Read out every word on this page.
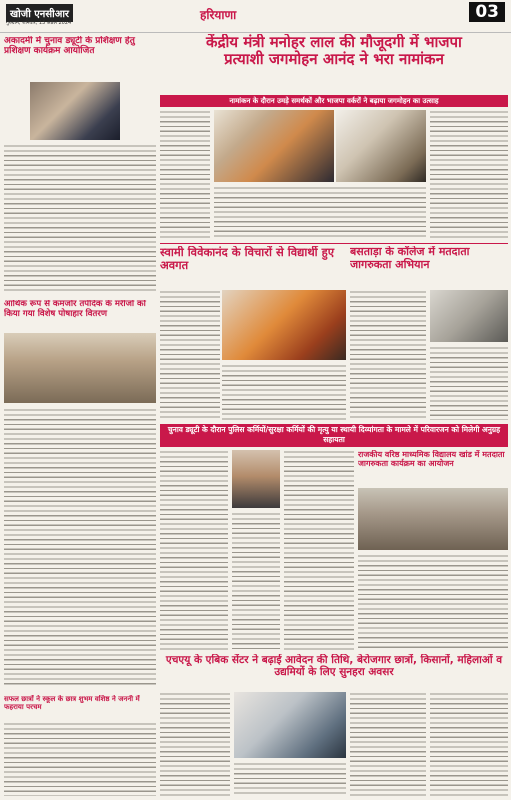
खोजी एनसीआर
गुरुग्राम, शनिवार, 13 अप्रैल 2024
हरियाणा	03
अकादमी में चुनाव ड्यूटी के प्रशिक्षण हेतु प्रशिक्षण कार्यक्रम आयोजित
आर्थिक रूप से कमजोर तपेदिक के मरीजों को किया गया विशेष पोषाहार वितरण
सफल छात्रों ने स्कूल के छात्र शुभम वशिष्ठ ने जननी में फहराया परचम
केंद्रीय मंत्री मनोहर लाल की मौजूदगी में भाजपा
प्रत्याशी जगमोहन आनंद ने भरा नामांकन
नामांकन के दौरान उमड़े समर्थकों और भाजपा वर्करों ने बढ़ाया जगमोहन का उत्साह
स्वामी विवेकानंद के विचारों से विद्यार्थी हुए अवगत
बसताड़ा के कॉलेज में मतदाता जागरुकता अभियान
चुनाव ड्यूटी के दौरान पुलिस कर्मियों/सुरक्षा कर्मियों की मृत्यु या स्थायी दिव्यांगता के मामले में परिवारजन को मिलेगी अनुग्रह सहायता
राजकीय वरिष्ठ माध्यमिक विद्यालय खांड में मतदाता जागरुकता कार्यक्रम का आयोजन
एचएयू के एबिक सेंटर ने बढ़ाई आवेदन की तिथि, बेरोजगार छात्रों, किसानों, महिलाओं व उद्यमियों के लिए सुनहरा अवसर
